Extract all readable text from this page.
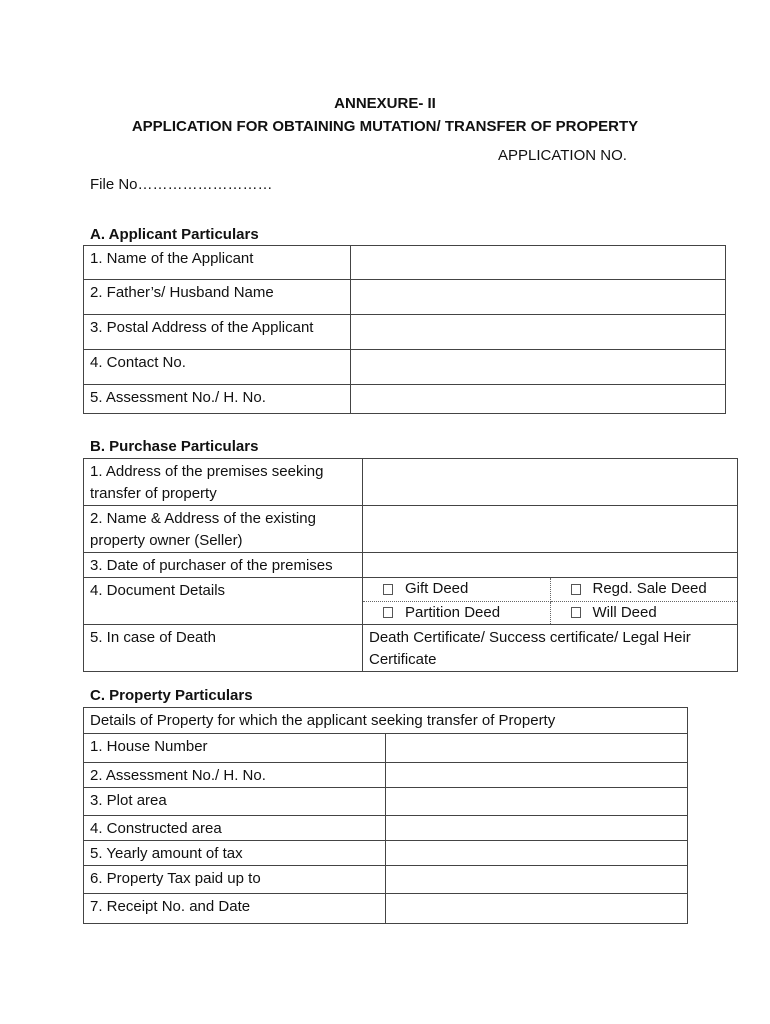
ANNEXURE- II
APPLICATION FOR OBTAINING MUTATION/ TRANSFER OF PROPERTY
APPLICATION NO.
File No………………………
A. Applicant Particulars
1. Name of the Applicant	
2. Father’s/ Husband Name	
3. Postal Address of the Applicant	
4. Contact No.	
5. Assessment No./ H. No.	
B. Purchase Particulars
1. Address of the premises seeking transfer of property	
2. Name & Address of the existing property owner (Seller)	
3. Date of purchaser of the premises	
4. Document Details		Gift Deed	Regd. Sale Deed

Partition Deed	Will Deed

5. In case of Death	Death Certificate/ Success certificate/ Legal Heir Certificate
C. Property Particulars
Details of Property for which the applicant seeking transfer of Property	
1. House Number	
2. Assessment No./ H. No.	
3. Plot area	
4. Constructed area	
5. Yearly amount of tax	
6. Property Tax paid up to	
7. Receipt No. and Date	
